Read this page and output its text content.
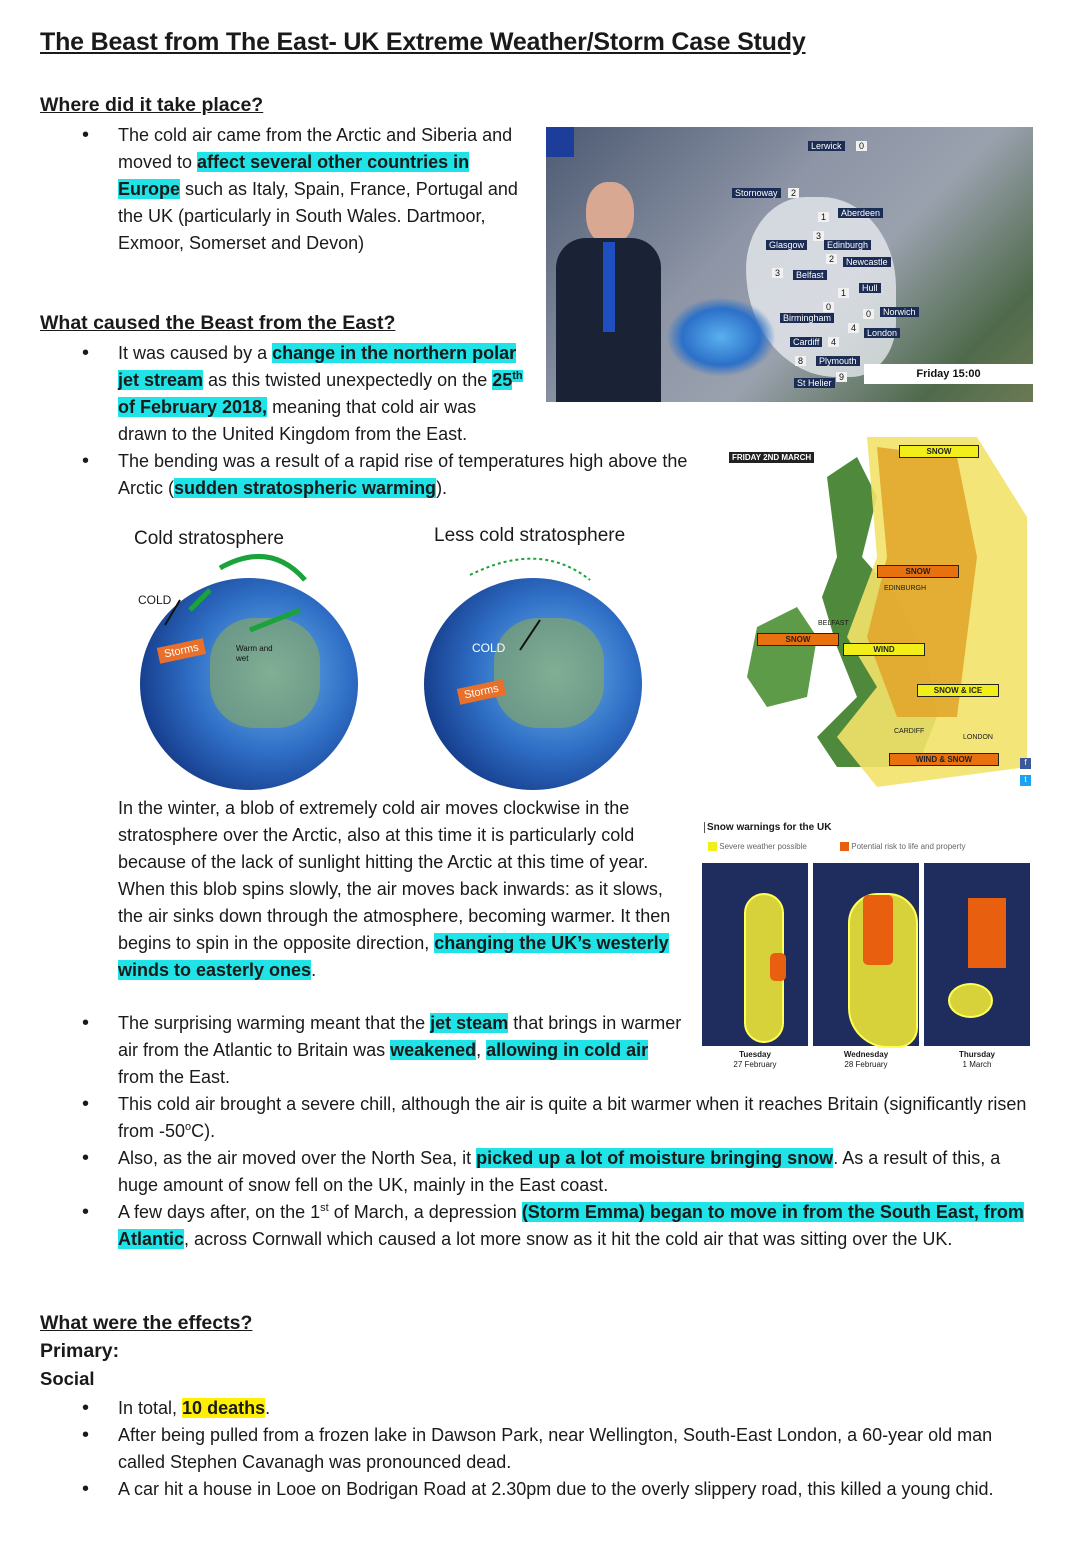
The Beast from The East- UK Extreme Weather/Storm Case Study
Where did it take place?
• The cold air came from the Arctic and Siberia and moved to affect several other countries in Europe such as Italy, Spain, France, Portugal and the UK (particularly in South Wales. Dartmoor, Exmoor, Somerset and Devon)
What caused the Beast from the East?
• It was caused by a change in the northern polar jet stream as this twisted unexpectedly on the 25th of February 2018, meaning that cold air was drawn to the United Kingdom from the East.
• The bending was a result of a rapid rise of temperatures high above the Arctic (sudden stratospheric warming).
Lerwick	0
Stornoway	2
1	Aberdeen
3
Edinburgh
Glasgow
2	Newcastle
3	Belfast
1	Hull
0	Norwich
0
Birmingham
4	London
Cardiff	4
8	Plymouth
9
St Helier
Friday 15:00
FRIDAY 2ND MARCH
SNOW
SNOW
SNOW
WIND
SNOW & ICE
WIND & SNOW
EDINBURGH
BELFAST
CARDIFF
LONDON
f
t
Cold stratosphere	Less cold stratosphere
COLD
COLD
Storms
Storms
Warm and wet
In the winter, a blob of extremely cold air moves clockwise in the stratosphere over the Arctic, also at this time it is particularly cold because of the lack of sunlight hitting the Arctic at this time of year. When this blob spins slowly, the air moves back inwards: as it slows, the air sinks down through the atmosphere, becoming warmer. It then begins to spin in the opposite direction, changing the UK’s westerly winds to easterly ones.
• The surprising warming meant that the jet steam that brings in warmer air from the Atlantic to Britain was weakened, allowing in cold air from the East.
Snow warnings for the UK
Severe weather possible	Potential risk to life and property
Tuesday
27 February
Wednesday
28 February
Thursday
1 March
• This cold air brought a severe chill, although the air is quite a bit warmer when it reaches Britain (significantly risen from -50$^o$C).
• Also, as the air moved over the North Sea, it picked up a lot of moisture bringing snow. As a result of this, a huge amount of snow fell on the UK, mainly in the East coast.
• A few days after, on the 1st of March, a depression (Storm Emma) began to move in from the South East, from Atlantic, across Cornwall which caused a lot more snow as it hit the cold air that was sitting over the UK.
What were the effects?
Primary:
Social
• In total, 10 deaths.
• After being pulled from a frozen lake in Dawson Park, near Wellington, South-East London, a 60-year old man called Stephen Cavanagh was pronounced dead.
• A car hit a house in Looe on Bodrigan Road at 2.30pm due to the overly slippery road, this killed a young chid.
